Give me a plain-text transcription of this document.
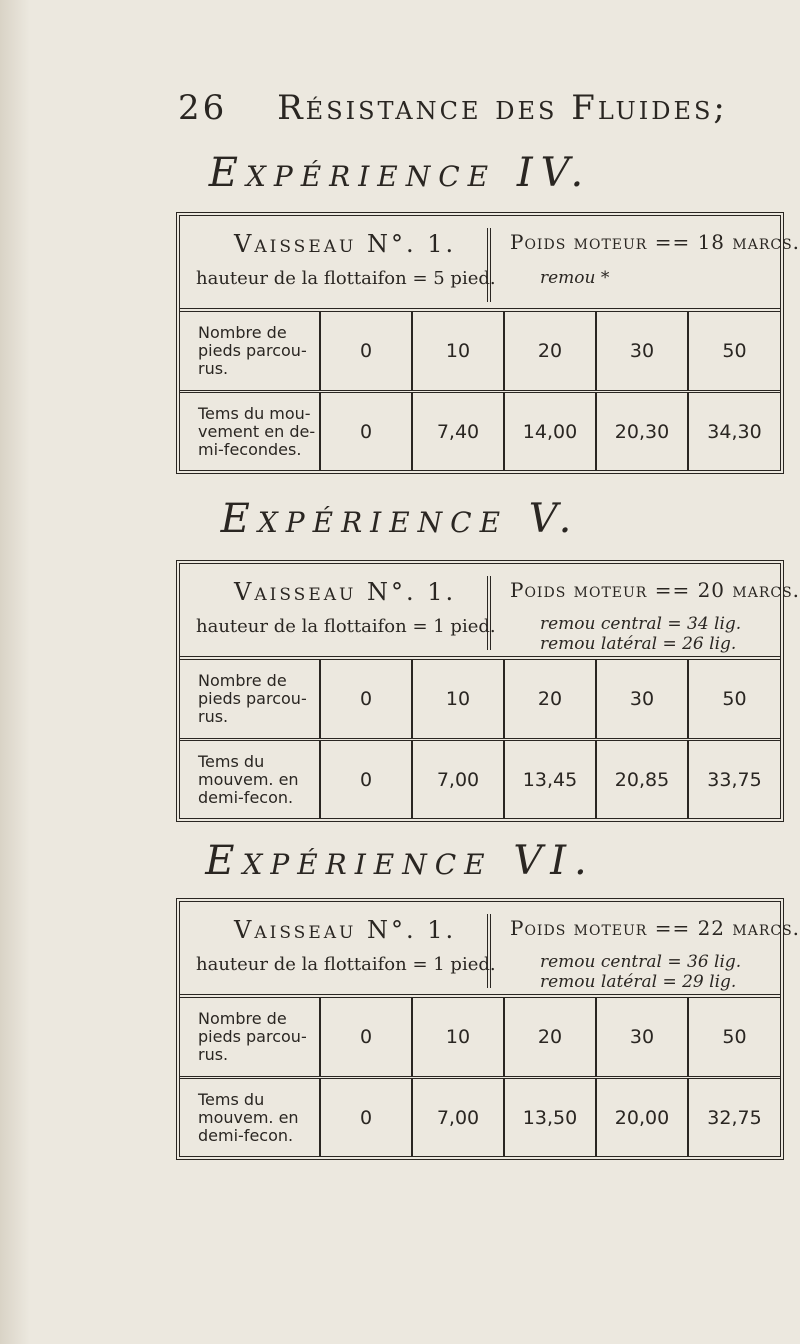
26 Résistance des Fluides;
Expérience IV.
Vaisseau N°. 1.
hauteur de la flottaifon = 5 pied.
Poids moteur == 18 marcs.
remou *
Nombre de pieds parcou-rus.	0	10	20	30	50
Tems du mou-vement en de-mi-fecondes.	0	7,40	14,00	20,30	34,30
Expérience V.
Vaisseau N°. 1.
hauteur de la flottaifon = 1 pied.
Poids moteur == 20 marcs.
remou central = 34 lig.
remou latéral = 26 lig.
Nombre de pieds parcou-rus.	0	10	20	30	50
Tems du mouvem. en demi-fecon.	0	7,00	13,45	20,85	33,75
Expérience VI.
Vaisseau N°. 1.
hauteur de la flottaifon = 1 pied.
Poids moteur == 22 marcs.
remou central = 36 lig.
remou latéral = 29 lig.
Nombre de pieds parcou-rus.	0	10	20	30	50
Tems du mouvem. en demi-fecon.	0	7,00	13,50	20,00	32,75
